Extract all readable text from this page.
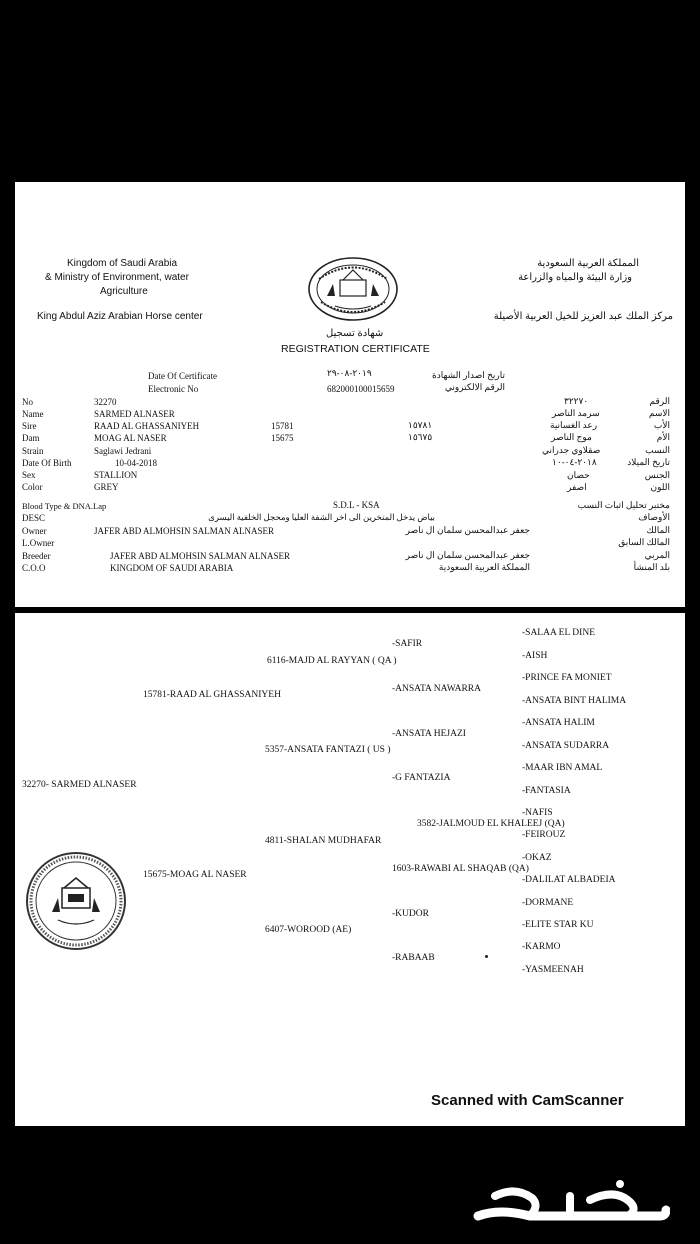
Kingdom of Saudi Arabia
& Ministry of Environment, water
Agriculture
King Abdul Aziz Arabian Horse center
المملكة العربية السعودية
وزارة البيئة والمياه والزراعة
مركز الملك عبد العزيز للخيل العربية الأصيلة
شهادة تسجيل
REGISTRATION CERTIFICATE
Date Of Certificate	٢٠١٩-٠٨-٢٩	تاريخ اصدار الشهادة
Electronic No	682000100015659	الرقم الالكتروني
No	32270	٣٢٢٧٠	الرقم
Name	SARMED ALNASER	سرمد الناصر	الاسم
Sire	RAAD AL GHASSANIYEH	15781	١٥٧٨١	رعد الغسانية	الأب
Dam	MOAG AL NASER	15675	١٥٦٧٥	موج الناصر	الأم
Strain	Saglawi Jedrani	صقلاوي جدراني	النسب
Date Of Birth	10-04-2018	٢٠١٨-٠٤-١٠	تاريخ الميلاد
Sex	STALLION	حصان	الجنس
Color	GREY	اصفر	اللون
Blood Type & DNA.Lap	S.D.L - KSA	مختبر تحليل اثبات النسب
DESC	بياض يدخل المنخرين الى اخر الشفة العليا ومحجل الخلفية اليسرى	الأوصاف
Owner	JAFER ABD ALMOHSIN SALMAN ALNASER	جعفر عبدالمحسن سلمان ال ناصر	المالك
L.Owner	المالك السابق
Breeder	JAFER ABD ALMOHSIN SALMAN ALNASER	جعفر عبدالمحسن سلمان ال ناصر	المربي
C.O.O	KINGDOM OF SAUDI ARABIA	المملكة العربية السعودية	بلد المنشأ
32270- SARMED ALNASER
15781-RAAD AL GHASSANIYEH
15675-MOAG AL NASER
6116-MAJD AL RAYYAN ( QA )
5357-ANSATA FANTAZI ( US )
4811-SHALAN MUDHAFAR
6407-WOROOD (AE)
-SAFIR
-ANSATA NAWARRA
-ANSATA HEJAZI
-G FANTAZIA
3582-JALMOUD EL KHALEEJ (QA)
1603-RAWABI AL SHAQAB (QA)
-KUDOR
-RABAAB
-SALAA EL DINE
-AISH
-PRINCE FA MONIET
-ANSATA BINT HALIMA
-ANSATA HALIM
-ANSATA SUDARRA
-MAAR IBN AMAL
-FANTASIA
-NAFIS
-FEIROUZ
-OKAZ
-DALILAT ALBADEIA
-DORMANE
-ELITE STAR KU
-KARMO
-YASMEENAH
Scanned with CamScanner
